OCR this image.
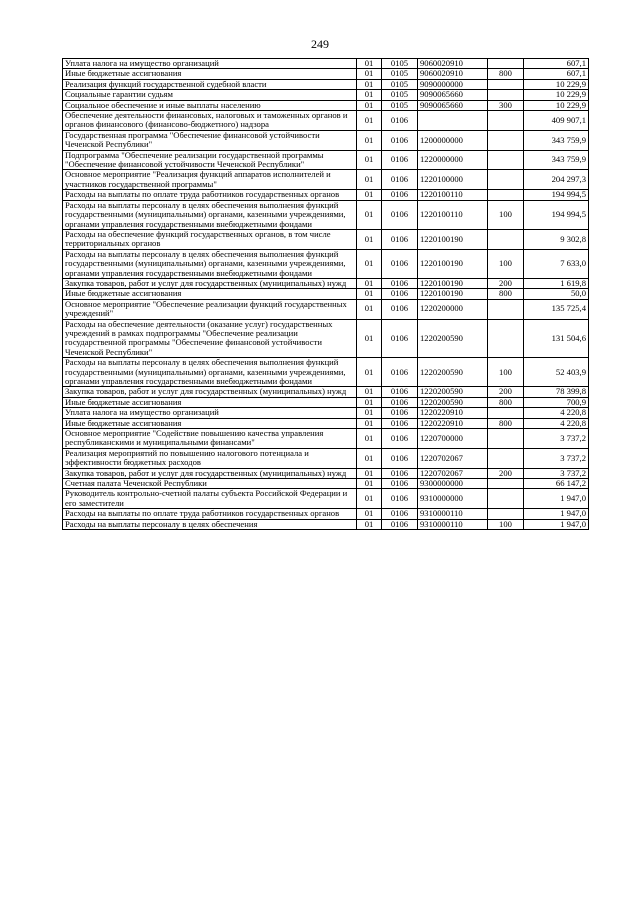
249
Уплата налога на имущество организаций	01	0105	9060020910		607,1
Иные бюджетные ассигнования	01	0105	9060020910	800	607,1
Реализация функций государственной судебной власти	01	0105	9090000000		10 229,9
Социальные гарантии судьям	01	0105	9090065660		10 229,9
Социальное обеспечение и иные выплаты населению	01	0105	9090065660	300	10 229,9
Обеспечение деятельности финансовых, налоговых и таможенных органов и органов финансового (финансово-бюджетного) надзора	01	0106			409 907,1
Государственная программа "Обеспечение финансовой устойчивости Чеченской Республики"	01	0106	1200000000		343 759,9
Подпрограмма "Обеспечение реализации государственной программы "Обеспечение финансовой устойчивости Чеченской Республики"	01	0106	1220000000		343 759,9
Основное мероприятие "Реализация функций аппаратов исполнителей и участников государственной программы"	01	0106	1220100000		204 297,3
Расходы на выплаты по оплате труда работников государственных органов	01	0106	1220100110		194 994,5
Расходы на выплаты персоналу в целях обеспечения выполнения функций государственными (муниципальными) органами, казенными учреждениями, органами управления государственными внебюджетными фондами	01	0106	1220100110	100	194 994,5
Расходы на обеспечение функций государственных органов, в том числе территориальных органов	01	0106	1220100190		9 302,8
Расходы на выплаты персоналу в целях обеспечения выполнения функций государственными (муниципальными) органами, казенными учреждениями, органами управления государственными внебюджетными фондами	01	0106	1220100190	100	7 633,0
Закупка товаров, работ и услуг для государственных (муниципальных) нужд	01	0106	1220100190	200	1 619,8
Иные бюджетные ассигнования	01	0106	1220100190	800	50,0
Основное мероприятие "Обеспечение реализации функций государственных учреждений"	01	0106	1220200000		135 725,4
Расходы на обеспечение деятельности (оказание услуг) государственных учреждений в рамках подпрограммы "Обеспечение реализации государственной программы "Обеспечение финансовой устойчивости Чеченской Республики"	01	0106	1220200590		131 504,6
Расходы на выплаты персоналу в целях обеспечения выполнения функций государственными (муниципальными) органами, казенными учреждениями, органами управления государственными внебюджетными фондами	01	0106	1220200590	100	52 403,9
Закупка товаров, работ и услуг для государственных (муниципальных) нужд	01	0106	1220200590	200	78 399,8
Иные бюджетные ассигнования	01	0106	1220200590	800	700,9
Уплата налога на имущество организаций	01	0106	1220220910		4 220,8
Иные бюджетные ассигнования	01	0106	1220220910	800	4 220,8
Основное мероприятие "Содействие повышению качества управления республиканскими и муниципальными финансами"	01	0106	1220700000		3 737,2
Реализация мероприятий по повышению налогового потенциала и эффективности бюджетных расходов	01	0106	1220702067		3 737,2
Закупка товаров, работ и услуг для государственных (муниципальных) нужд	01	0106	1220702067	200	3 737,2
Счетная палата Чеченской Республики	01	0106	9300000000		66 147,2
Руководитель контрольно-счетной палаты субъекта Российской Федерации и его заместители	01	0106	9310000000		1 947,0
Расходы на выплаты по оплате труда работников государственных органов	01	0106	9310000110		1 947,0
Расходы на выплаты персоналу в целях обеспечения	01	0106	9310000110	100	1 947,0
